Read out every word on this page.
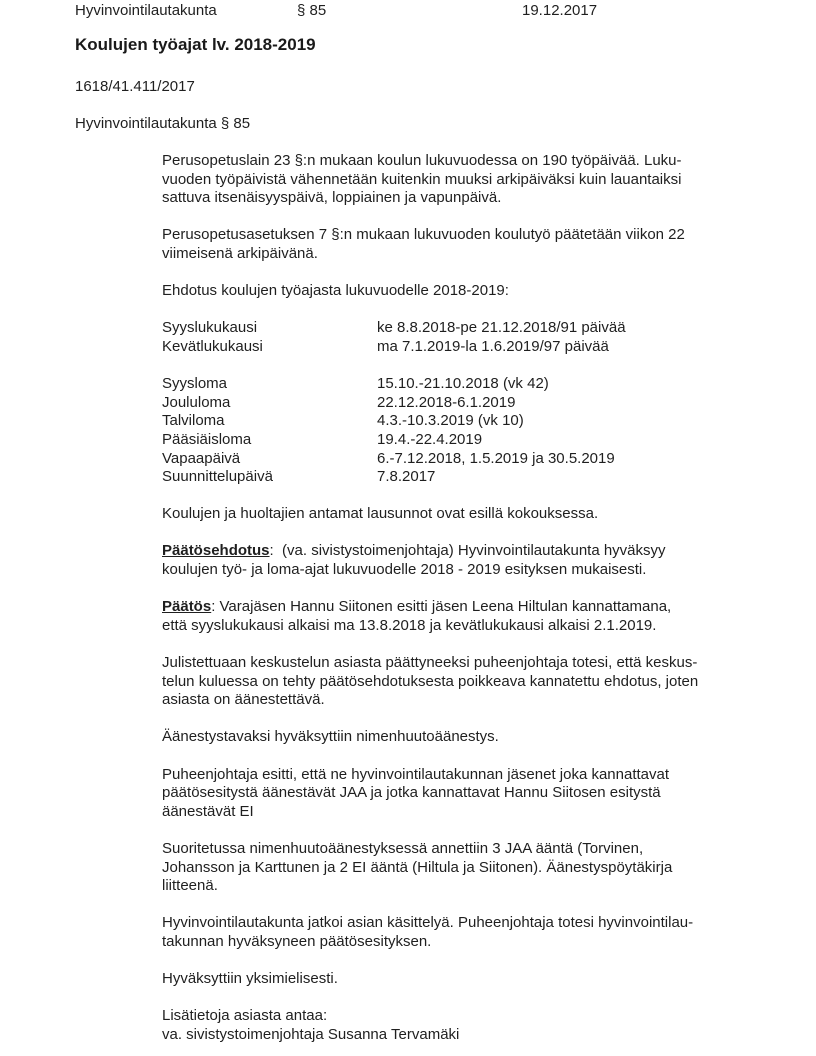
Hyvinvointilautakunta	§ 85	19.12.2017
Koulujen työajat lv. 2018-2019
1618/41.411/2017
Hyvinvointilautakunta § 85

Perusopetuslain 23 §:n mukaan koulun lukuvuodessa on 190 työpäivää. Luku-
vuoden työpäivistä vähennetään kuitenkin muuksi arkipäiväksi kuin lauantaiksi
sattuva itsenäisyyspäivä, loppiainen ja vapunpäivä.

Perusopetusasetuksen 7 §:n mukaan lukuvuoden koulutyö päätetään viikon 22
viimeisenä arkipäivänä.

Ehdotus koulujen työajasta lukuvuodelle 2018-2019:

Syyslukukausi	ke 8.8.2018-pe 21.12.2018/91 päivää
Kevätlukukausi	ma 7.1.2019-la 1.6.2019/97 päivää
Syysloma	15.10.-21.10.2018 (vk 42)
Joululoma	22.12.2018-6.1.2019
Talviloma	4.3.-10.3.2019 (vk 10)
Pääsiäisloma	19.4.-22.4.2019
Vapaapäivä	6.-7.12.2018, 1.5.2019 ja 30.5.2019
Suunnittelupäivä	7.8.2017

Koulujen ja huoltajien antamat lausunnot ovat esillä kokouksessa.

Päätösehdotus:  (va. sivistystoimenjohtaja) Hyvinvointilautakunta hyväksyy
koulujen työ- ja loma-ajat lukuvuodelle 2018 - 2019 esityksen mukaisesti.

Päätös: Varajäsen Hannu Siitonen esitti jäsen Leena Hiltulan kannattamana,
että syyslukukausi alkaisi ma 13.8.2018 ja kevätlukukausi alkaisi 2.1.2019.

Julistettuaan keskustelun asiasta päättyneeksi puheenjohtaja totesi, että keskus-
telun kuluessa on tehty päätösehdotuksesta poikkeava kannatettu ehdotus, joten
asiasta on äänestettävä.

Äänestystavaksi hyväksyttiin nimenhuutoäänestys.

Puheenjohtaja esitti, että ne hyvinvointilautakunnan jäsenet joka kannattavat
päätösesitystä äänestävät JAA ja jotka kannattavat Hannu Siitosen esitystä
äänestävät EI

Suoritetussa nimenhuutoäänestyksessä annettiin 3 JAA ääntä (Torvinen,
Johansson ja Karttunen ja 2 EI ääntä (Hiltula ja Siitonen). Äänestyspöytäkirja
liitteenä.

Hyvinvointilautakunta jatkoi asian käsittelyä. Puheenjohtaja totesi hyvinvointilau-
takunnan hyväksyneen päätösesityksen.

Hyväksyttiin yksimielisesti.

Lisätietoja asiasta antaa:
va. sivistystoimenjohtaja Susanna Tervamäki
